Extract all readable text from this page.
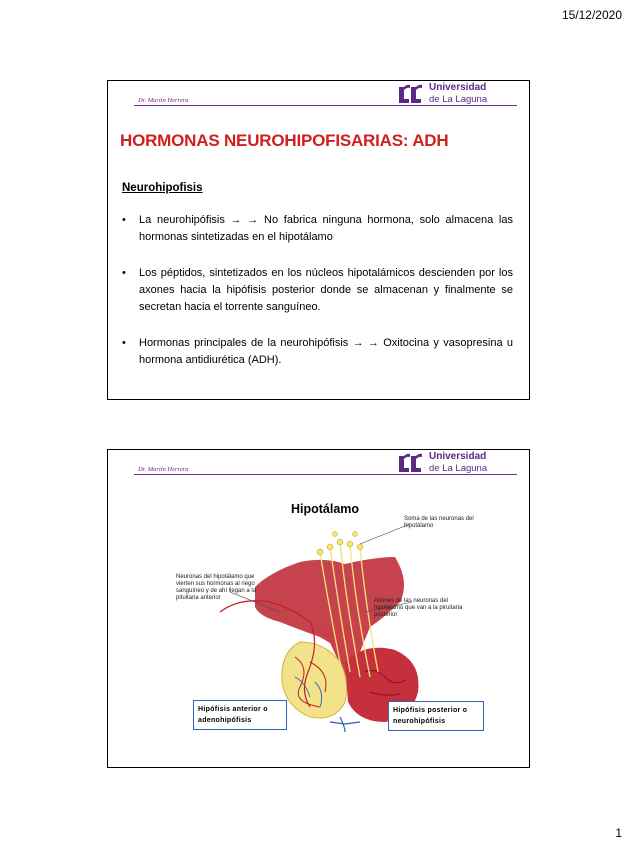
15/12/2020
Dr. Martín Herrera
Universidad
de La Laguna
HORMONAS NEUROHIPOFISARIAS: ADH
Neurohipofisis
• La neurohipófisis → → No fabrica ninguna hormona, solo almacena las hormonas sintetizadas en el hipotálamo
• Los péptidos, sintetizados en los núcleos hipotalámicos descienden por los axones hacia la hipófisis posterior donde se almacenan y finalmente se secretan hacia el torrente sanguíneo.
• Hormonas principales de la neurohipófisis → → Oxitocina y vasopresina u hormona antidiurética (ADH).
Dr. Martín Herrera
Universidad
de La Laguna
Hipotálamo
Soma de las neuronas del hipotálamo
Neuronas del hipotálamo que vierten sus hormonas al riego sanguíneo y de ahí llegan a la pituitaria anterior	Axones de las neuronas del hipotálamo que van a la piruitaria posterior
Hipófisis anterior o adenohipófisis
Hipófisis posterior o neurohipófisis
1
